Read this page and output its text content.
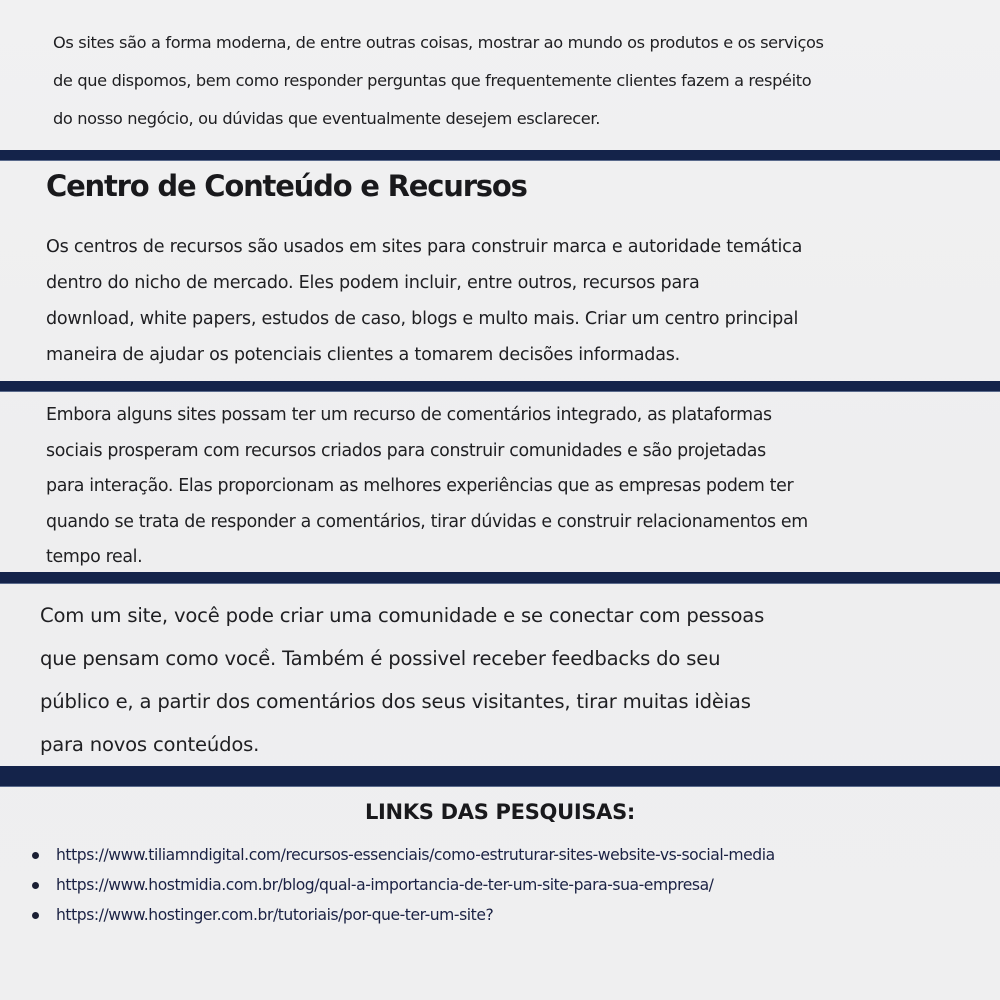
Os sites são a forma moderna, de entre outras coisas, mostrar ao mundo os produtos e os serviços
de que dispomos, bem como responder perguntas que frequentemente clientes fazem a respéito
do nosso negócio, ou dúvidas que eventualmente desejem esclarecer.

Centro de Conteúdo e Recursos

Os centros de recursos são usados em sites para construir marca e autoridade temática
dentro do nicho de mercado. Eles podem incluir, entre outros, recursos para
download, white papers, estudos de caso, blogs e multo mais. Criar um centro principal
maneira de ajudar os potenciais clientes a tomarem decisões informadas.

Embora alguns sites possam ter um recurso de comentários integrado, as plataformas
sociais prosperam com recursos criados para construir comunidades e são projetadas
para interação. Elas proporcionam as melhores experiências que as empresas podem ter
quando se trata de responder a comentários, tirar dúvidas e construir relacionamentos em
tempo real.

Com um site, você pode criar uma comunidade e se conectar com pessoas
que pensam como vocề. Também é possivel receber feedbacks do seu
público e, a partir dos comentários dos seus visitantes, tirar muitas idèias
para novos conteúdos.

LINKS DAS PESQUISAS:
https://www.tiliamndigital.com/recursos-essenciais/como-estruturar-sites-website-vs-social-media
https://www.hostmidia.com.br/blog/qual-a-importancia-de-ter-um-site-para-sua-empresa/
https://www.hostinger.com.br/tutoriais/por-que-ter-um-site?
